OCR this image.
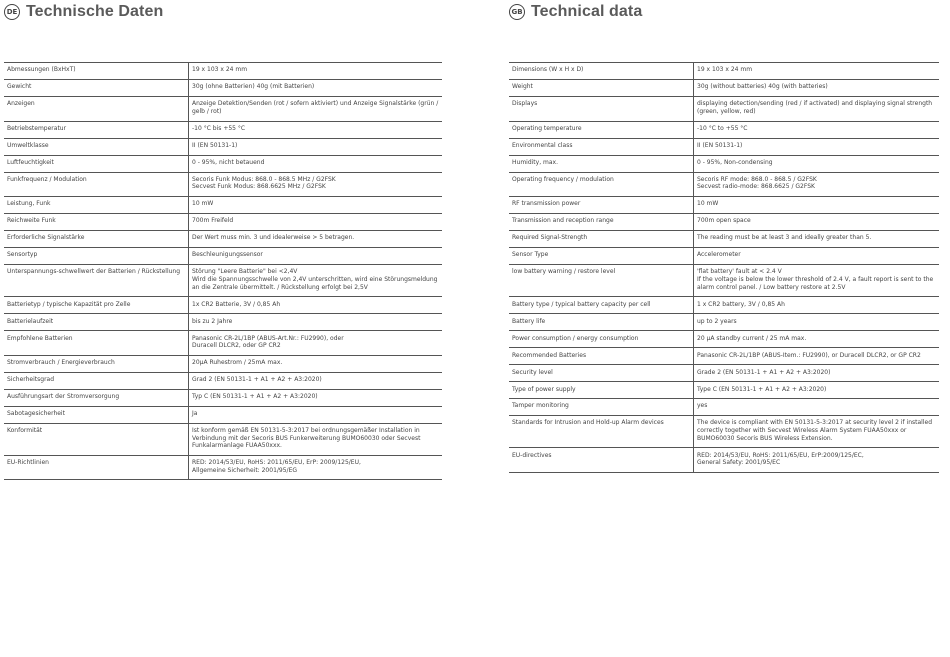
DE Technische Daten
Abmessungen (BxHxT)	19 x 103 x 24 mm
Gewicht	30g (ohne Batterien) 40g (mit Batterien)
Anzeigen	Anzeige Detektion/Senden (rot / sofern aktiviert) und Anzeige Signalstärke (grün / gelb / rot)
Betriebstemperatur	-10 °C bis +55 °C
Umweltklasse	II (EN 50131-1)
Luftfeuchtigkeit	0 - 95%, nicht betauend
Funkfrequenz / Modulation	Secoris Funk Modus: 868.0 - 868.5 MHz / G2FSK
Secvest Funk Modus: 868.6625 MHz / G2FSK
Leistung, Funk	10 mW
Reichweite Funk	700m Freifeld
Erforderliche Signalstärke	Der Wert muss min. 3 und idealerweise > 5 betragen.
Sensortyp	Beschleunigungssensor
Unterspannungs-schwellwert der Batterien / Rückstellung	Störung "Leere Batterie" bei <2,4V
Wird die Spannungsschwelle von 2,4V unterschritten, wird eine Störungsmeldung an die Zentrale übermittelt. / Rückstellung erfolgt bei 2,5V
Batterietyp / typische Kapazität pro Zelle	1x CR2 Batterie, 3V / 0,85 Ah
Batterielaufzeit	bis zu 2 Jahre
Empfohlene Batterien	Panasonic CR-2L/1BP (ABUS-Art.Nr.: FU2990), oder
Duracell DLCR2, oder GP CR2
Stromverbrauch / Energieverbrauch	20µA Ruhestrom / 25mA max.
Sicherheitsgrad	Grad 2 (EN 50131-1 + A1 + A2 + A3:2020)
Ausführungsart der Stromversorgung	Typ C (EN 50131-1 + A1 + A2 + A3:2020)
Sabotagesicherheit	Ja
Konformität	Ist konform gemäß EN 50131-5-3:2017 bei ordnungsgemäßer Installation in Verbindung mit der Secoris BUS Funkerweiterung BUMO60030 oder Secvest Funkalarmanlage FUAA50xxx.
EU-Richtlinien	RED: 2014/53/EU, RoHS: 2011/65/EU, ErP: 2009/125/EU,
Allgemeine Sicherheit: 2001/95/EG
GB Technical data
Dimensions (W x H x D)	19 x 103 x 24 mm
Weight	30g (without batteries) 40g (with batteries)
Displays	displaying detection/sending (red / if activated) and displaying signal strength (green, yellow, red)
Operating temperature	-10 °C to +55 °C
Environmental class	II (EN 50131-1)
Humidity, max.	0 - 95%, Non-condensing
Operating frequency / modulation	Secoris RF mode: 868.0 - 868.5 / G2FSK
Secvest radio-mode: 868.6625 / G2FSK
RF transmission power	10 mW
Transmission and reception range	700m open space
Required Signal-Strength	The reading must be at least 3 and ideally greater than 5.
Sensor Type	Accelerometer
low battery warning / restore level	'flat battery' fault at < 2.4 V
If the voltage is below the lower threshold of 2.4 V, a fault report is sent to the alarm control panel. / Low battery restore at 2.5V
Battery type / typical battery capacity per cell	1 x CR2 battery, 3V / 0,85 Ah
Battery life	up to 2 years
Power consumption / energy consumption	20 µA standby current / 25 mA max.
Recommended Batteries	Panasonic CR-2L/1BP (ABUS-Item.: FU2990), or Duracell DLCR2, or GP CR2
Security level	Grade 2 (EN 50131-1 + A1 + A2 + A3:2020)
Type of power supply	Type C (EN 50131-1 + A1 + A2 + A3:2020)
Tamper monitoring	yes
Standards for Intrusion and Hold-up Alarm devices	The device is compliant with EN 50131-5-3:2017 at security level 2 if installed correctly together with Secvest Wireless Alarm System FUAA50xxx or BUMO60030 Secoris BUS Wireless Extension.
EU-directives	RED: 2014/53/EU, RoHS: 2011/65/EU, ErP:2009/125/EC,
General Safety: 2001/95/EC
